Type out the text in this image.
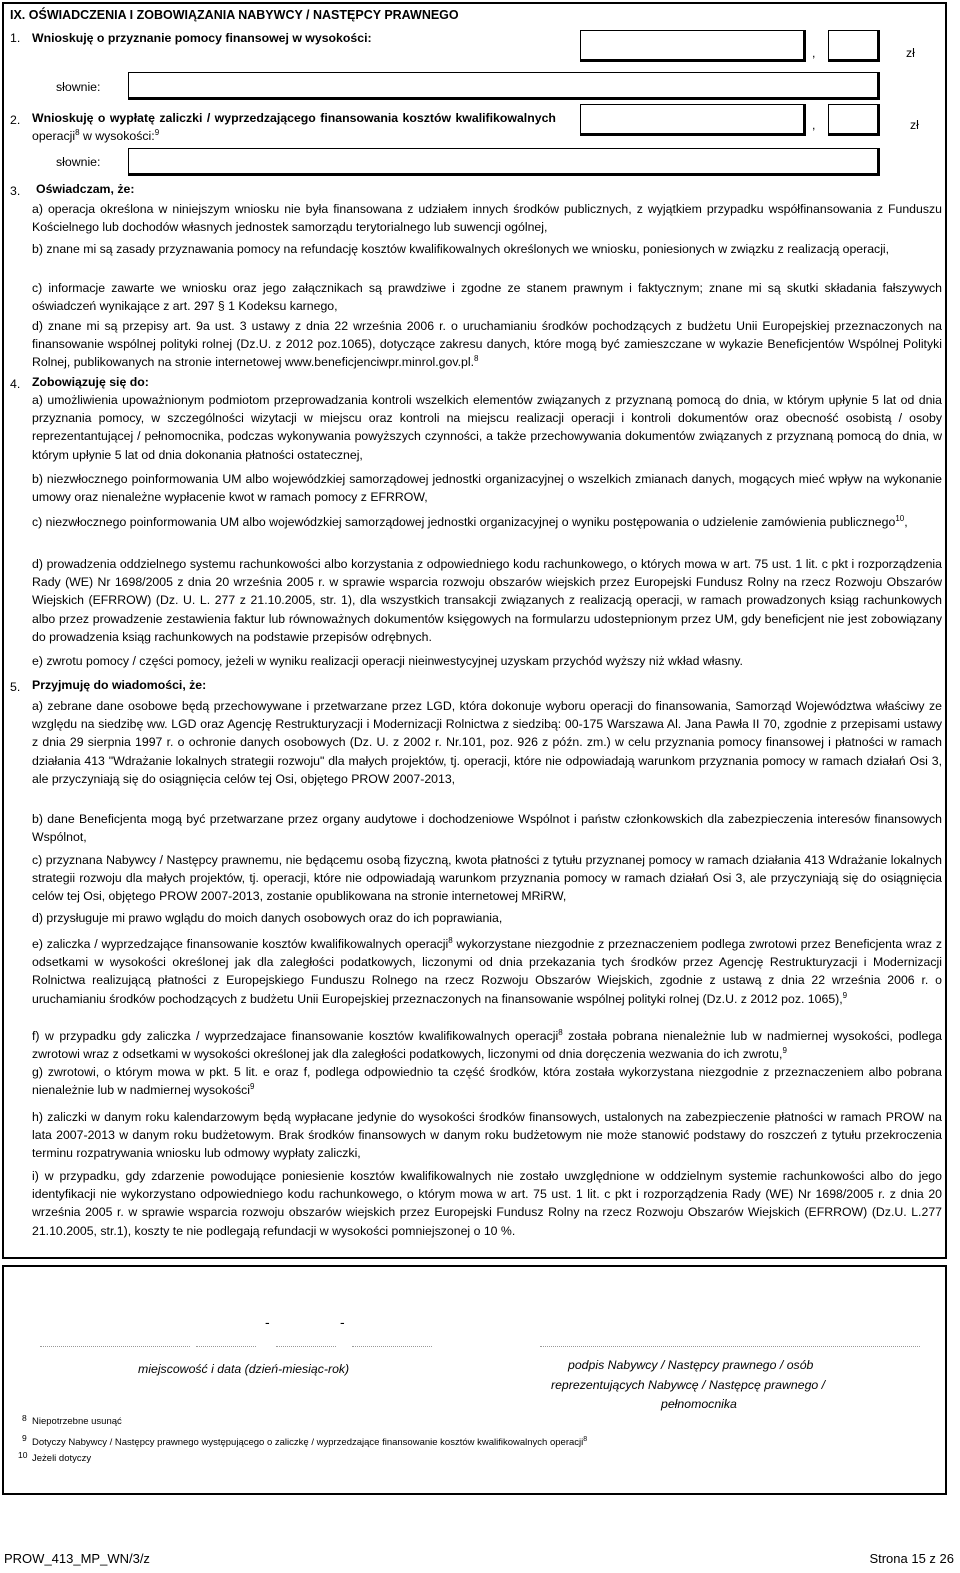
IX. OŚWIADCZENIA I ZOBOWIĄZANIA NABYWCY / NASTĘPCY PRAWNEGO
1. Wnioskuję o przyznanie pomocy finansowej w wysokości:
,	zł
słownie:
2. Wnioskuję o wypłatę zaliczki / wyprzedzającego finansowania kosztów kwalifikowalnych
operacji$^8$ w wysokości:$^9$
,	zł
słownie:
3. Oświadczam, że:
a) operacja określona w niniejszym wniosku nie była finansowana z udziałem innych środków publicznych, z wyjątkiem przypadku współfinansowania z Funduszu Kościelnego lub dochodów własnych jednostek samorządu terytorialnego lub suwencji ogólnej,
b) znane mi są zasady przyznawania pomocy na refundację kosztów kwalifikowalnych określonych we wniosku, poniesionych w związku z realizacją operacji,
c) informacje zawarte we wniosku oraz jego załącznikach są prawdziwe i zgodne ze stanem prawnym i faktycznym; znane mi są skutki składania fałszywych oświadczeń wynikające z art. 297 § 1 Kodeksu karnego,
d) znane mi są przepisy art. 9a ust. 3 ustawy z dnia 22 września 2006 r. o uruchamianiu środków pochodzących z budżetu Unii Europejskiej przeznaczonych na finansowanie wspólnej polityki rolnej (Dz.U. z 2012 poz.1065), dotyczące zakresu danych, które mogą być zamieszczane w wykazie Beneficjentów Wspólnej Polityki Rolnej, publikowanych na stronie internetowej www.beneficjenciwpr.minrol.gov.pl.$^8$
4. Zobowiązuję się do:
a) umożliwienia upoważnionym podmiotom przeprowadzania kontroli wszelkich elementów związanych z przyznaną pomocą do dnia, w którym upłynie 5 lat od dnia przyznania pomocy, w szczególności wizytacji w miejscu oraz kontroli na miejscu realizacji operacji i kontroli dokumentów oraz obecność osobistą / osoby reprezentantującej / pełnomocnika, podczas wykonywania powyższych czynności, a także przechowywania dokumentów związanych z przyznaną pomocą do dnia, w którym upłynie 5 lat od dnia dokonania płatności ostatecznej,
b) niezwłocznego poinformowania UM albo wojewódzkiej samorządowej jednostki organizacyjnej o wszelkich zmianach danych, mogących mieć wpływ na wykonanie umowy oraz nienależne wypłacenie kwot w ramach pomocy z EFRROW,
c) niezwłocznego poinformowania UM albo wojewódzkiej samorządowej jednostki organizacyjnej o wyniku postępowania o udzielenie zamówienia publicznego$^{10}$,
d) prowadzenia oddzielnego systemu rachunkowości albo korzystania z odpowiedniego kodu rachunkowego, o których mowa w art. 75 ust. 1 lit. c pkt i rozporządzenia Rady (WE) Nr 1698/2005 z dnia 20 września 2005 r. w sprawie wsparcia rozwoju obszarów wiejskich przez Europejski Fundusz Rolny na rzecz Rozwoju Obszarów Wiejskich (EFRROW) (Dz. U. L. 277 z 21.10.2005, str. 1), dla wszystkich transakcji związanych z realizacją operacji, w ramach prowadzonych ksiąg rachunkowych albo przez prowadzenie zestawienia faktur lub równoważnych dokumentów księgowych na formularzu udostepnionym przez UM, gdy beneficjent nie jest zobowiązany do prowadzenia ksiąg rachunkowych na podstawie przepisów odrębnych.
e) zwrotu pomocy / części pomocy, jeżeli w wyniku realizacji operacji nieinwestycyjnej uzyskam przychód wyższy niż wkład własny.
5. Przyjmuję do wiadomości, że:
a) zebrane dane osobowe będą przechowywane i przetwarzane przez LGD, która dokonuje wyboru operacji do finansowania, Samorząd Województwa właściwy ze względu na siedzibę ww. LGD oraz Agencję Restrukturyzacji i Modernizacji Rolnictwa z siedzibą: 00-175 Warszawa Al. Jana Pawła II 70, zgodnie z przepisami ustawy z dnia 29 sierpnia 1997 r. o ochronie danych osobowych (Dz. U. z 2002 r. Nr.101, poz. 926 z późn. zm.) w celu przyznania pomocy finansowej i płatności w ramach działania 413 "Wdrażanie lokalnych strategii rozwoju" dla małych projektów, tj. operacji, które nie odpowiadają warunkom przyznania pomocy w ramach działań Osi 3, ale przyczyniają się do osiągnięcia celów tej Osi, objętego PROW 2007-2013,
b) dane Beneficjenta mogą być przetwarzane przez organy audytowe i dochodzeniowe Wspólnot i państw członkowskich dla zabezpieczenia interesów finansowych Wspólnot,
c) przyznana Nabywcy / Następcy prawnemu, nie będącemu osobą fizyczną, kwota płatności z tytułu przyznanej pomocy w ramach działania 413 Wdrażanie lokalnych strategii rozwoju dla małych projektów, tj. operacji, które nie odpowiadają warunkom przyznania pomocy w ramach działań Osi 3, ale przyczyniają się do osiągnięcia celów tej Osi, objętego PROW 2007-2013, zostanie opublikowana na stronie internetowej MRiRW,
d) przysługuje mi prawo wglądu do moich danych osobowych oraz do ich poprawiania,
e) zaliczka / wyprzedzające finansowanie kosztów kwalifikowalnych operacji$^8$ wykorzystane niezgodnie z przeznaczeniem podlega zwrotowi przez Beneficjenta wraz z odsetkami w wysokości określonej jak dla zaległości podatkowych, liczonymi od dnia przekazania tych środków przez Agencję Restrukturyzacji i Modernizacji Rolnictwa realizującą płatności z Europejskiego Funduszu Rolnego na rzecz Rozwoju Obszarów Wiejskich, zgodnie z ustawą z dnia 22 września 2006 r. o uruchamianiu środków pochodzących z budżetu Unii Europejskiej przeznaczonych na finansowanie wspólnej polityki rolnej (Dz.U. z 2012 poz. 1065),$^9$
f) w przypadku gdy zaliczka / wyprzedzajace finansowanie kosztów kwalifikowalnych operacji$^8$ została pobrana nienależnie lub w nadmiernej wysokości, podlega zwrotowi wraz z odsetkami w wysokości określonej jak dla zaległości podatkowych, liczonymi od dnia doręczenia wezwania do ich zwrotu,$^9$
g) zwrotowi, o którym mowa w pkt. 5 lit. e oraz f, podlega odpowiednio ta część środków, która została wykorzystana niezgodnie z przeznaczeniem albo pobrana nienależnie lub w nadmiernej wysokości$^9$
h) zaliczki w danym roku kalendarzowym będą wypłacane jedynie do wysokości środków finansowych, ustalonych na zabezpieczenie płatności w ramach PROW na lata 2007-2013 w danym roku budżetowym. Brak środków finansowych w danym roku budżetowym nie może stanowić podstawy do roszczeń z tytułu przekroczenia terminu rozpatrywania wniosku lub odmowy wypłaty zaliczki,
i) w przypadku, gdy zdarzenie powodujące poniesienie kosztów kwalifikowalnych nie zostało uwzględnione w oddzielnym systemie rachunkowości albo do jego identyfikacji nie wykorzystano odpowiedniego kodu rachunkowego, o którym mowa w art. 75 ust. 1 lit. c pkt i rozporządzenia Rady (WE) Nr 1698/2005 r. z dnia 20 września 2005 r. w sprawie wsparcia rozwoju obszarów wiejskich przez Europejski Fundusz Rolny na rzecz Rozwoju Obszarów Wiejskich (EFRROW) (Dz.U. L.277 21.10.2005, str.1), koszty te nie podlegają refundacji w wysokości pomniejszonej o 10 %.
-	-
miejscowość i data (dzień-miesiąc-rok)	podpis Nabywcy / Następcy prawnego / osób
reprezentujących Nabywcę / Następcę prawnego /
pełnomocnika
8 Niepotrzebne usunąć
9 Dotyczy Nabywcy / Następcy prawnego występującego o zaliczkę / wyprzedzające finansowanie kosztów kwalifikowalnych operacji$^8$
10 Jeżeli dotyczy
PROW_413_MP_WN/3/z	Strona 15 z 26
